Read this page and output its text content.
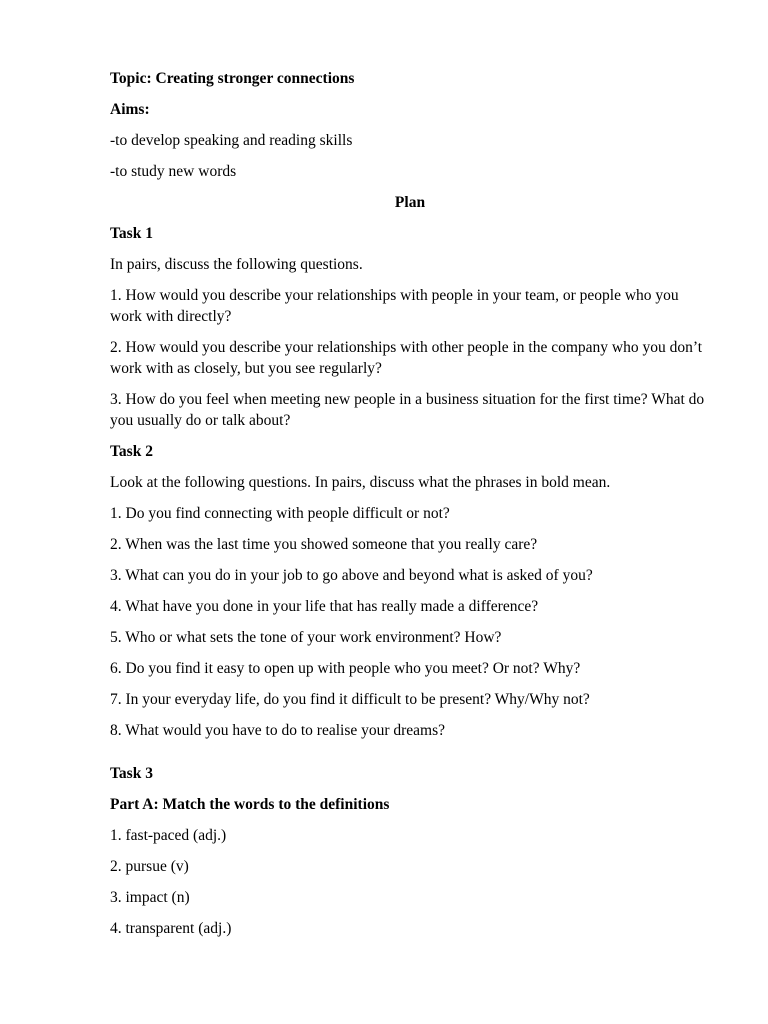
Topic: Creating stronger connections
Aims:
-to develop speaking and reading skills
-to study new words
Plan
Task 1
In pairs, discuss the following questions.
1. How would you describe your relationships with people in your team, or people who you work with directly?
2. How would you describe your relationships with other people in the company who you don’t work with as closely, but you see regularly?
3. How do you feel when meeting new people in a business situation for the first time? What do you usually do or talk about?
Task 2
Look at the following questions. In pairs, discuss what the phrases in bold mean.
1. Do you find connecting with people difficult or not?
2. When was the last time you showed someone that you really care?
3. What can you do in your job to go above and beyond what is asked of you?
4. What have you done in your life that has really made a difference?
5. Who or what sets the tone of your work environment? How?
6. Do you find it easy to open up with people who you meet? Or not? Why?
7. In your everyday life, do you find it difficult to be present? Why/Why not?
8. What would you have to do to realise your dreams?
Task 3
Part A: Match the words to the definitions
1. fast-paced (adj.)
2. pursue (v)
3. impact (n)
4. transparent (adj.)
